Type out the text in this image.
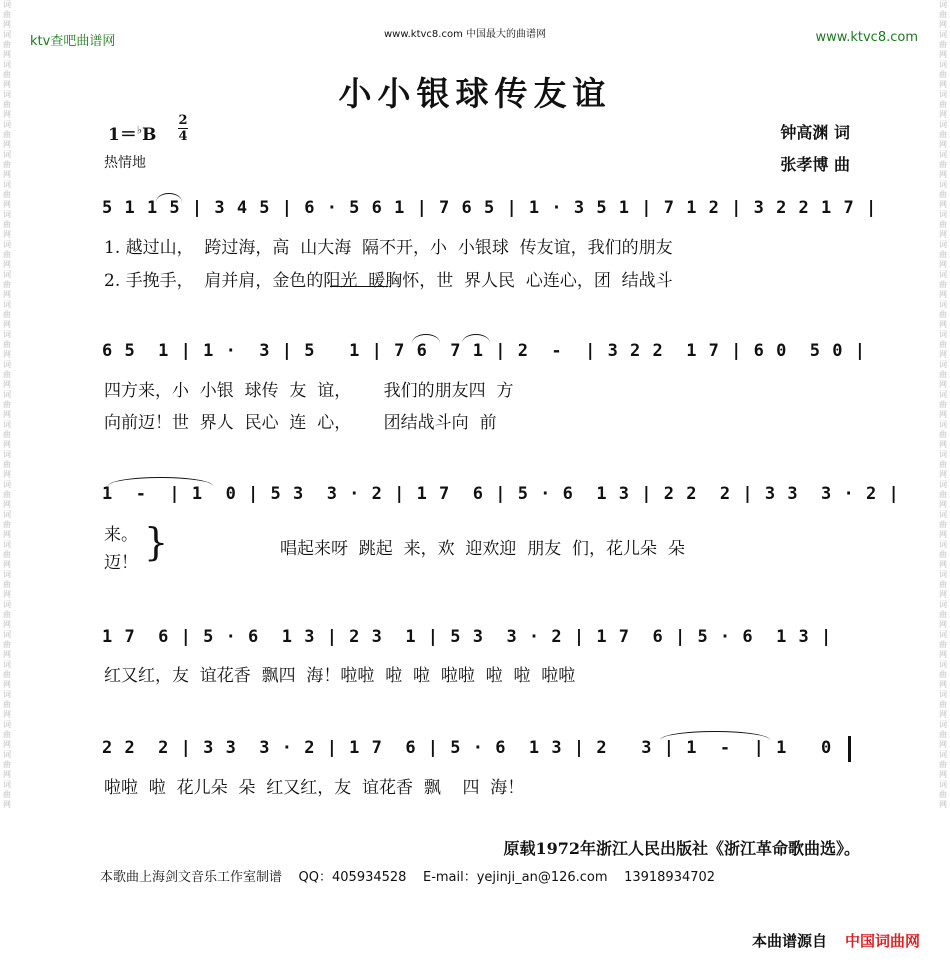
词曲网词曲网词曲网词曲网词曲网词曲网词曲网词曲网词曲网词曲网词曲网词曲网词曲网词曲网词曲网词曲网词曲网词曲网词曲网词曲网词曲网词曲网词曲网词曲网词曲网词曲网词曲网
词曲网词曲网词曲网词曲网词曲网词曲网词曲网词曲网词曲网词曲网词曲网词曲网词曲网词曲网词曲网词曲网词曲网词曲网词曲网词曲网词曲网词曲网词曲网词曲网词曲网词曲网词曲网
ktv查吧曲谱网	www.ktvc8.com 中国最大的曲谱网	www.ktvc8.com
小小银球传友谊
1＝♭B
2
4
热情地
钟高渊 词
张孝博 曲
5 1 1 5 | 3 4 5 | 6 · 5 6 1 | 7 6 5 | 1 · 3 5 1 | 7 1 2 | 3 2 2 1 7 |
1. 越过山，  跨过海，高  山大海  隔不开，小  小银球  传友谊，我们的朋友
2. 手挽手，  肩并肩，金色的阳光  暖胸怀，世  界人民  心连心，团  结战斗
6 5  1 | 1 ·  3 | 5   1 | 7 6  7 1 | 2  -  | 3 2 2  1 7 | 6 0  5 0 |
四方来，小  小银  球传  友  谊，      我们的朋友四  方
向前迈！世  界人  民心  连  心，      团结战斗向  前
1  -  | 1  0 | 5 3  3 · 2 | 1 7  6 | 5 · 6  1 3 | 2 2  2 | 3 3  3 · 2 |
来。
迈！ }	唱起来呀  跳起  来，欢  迎欢迎  朋友  们，花儿朵  朵
1 7  6 | 5 · 6  1 3 | 2 3  1 | 5 3  3 · 2 | 1 7  6 | 5 · 6  1 3 |
红又红，友  谊花香  飘四  海！啦啦  啦  啦  啦啦  啦  啦  啦啦
2 2  2 | 3 3  3 · 2 | 1 7  6 | 5 · 6  1 3 | 2   3 | 1  -  | 1   0
啦啦  啦  花儿朵  朵  红又红，友  谊花香  飘    四  海！
原载1972年浙江人民出版社《浙江革命歌曲选》。
本歌曲上海剑文音乐工作室制谱 QQ：405934528 E-mail：yejinji_an@126.com 13918934702
本曲谱源自 中国词曲网
